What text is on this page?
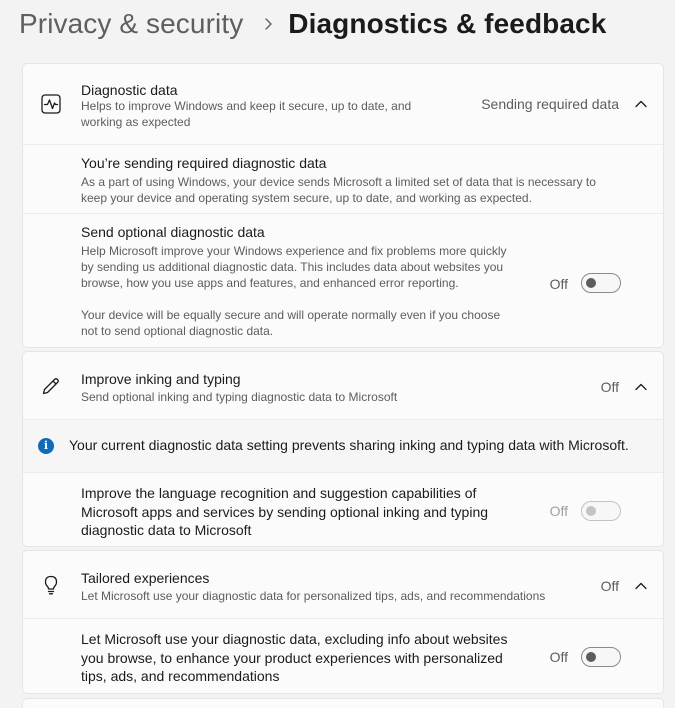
Privacy & security Diagnostics & feedback
Diagnostic data
Helps to improve Windows and keep it secure, up to date, and
working as expected
Sending required data
You’re sending required diagnostic data
As a part of using Windows, your device sends Microsoft a limited set of data that is necessary to
keep your device and operating system secure, up to date, and working as expected.
Send optional diagnostic data
Help Microsoft improve your Windows experience and fix problems more quickly
by sending us additional diagnostic data. This includes data about websites you
browse, how you use apps and features, and enhanced error reporting.
Your device will be equally secure and will operate normally even if you choose
not to send optional diagnostic data.
Off
Improve inking and typing
Send optional inking and typing diagnostic data to Microsoft
Off
i	Your current diagnostic data setting prevents sharing inking and typing data with Microsoft.
Improve the language recognition and suggestion capabilities of
Microsoft apps and services by sending optional inking and typing
diagnostic data to Microsoft
Off
Tailored experiences
Let Microsoft use your diagnostic data for personalized tips, ads, and recommendations
Off
Let Microsoft use your diagnostic data, excluding info about websites
you browse, to enhance your product experiences with personalized
tips, ads, and recommendations
Off
